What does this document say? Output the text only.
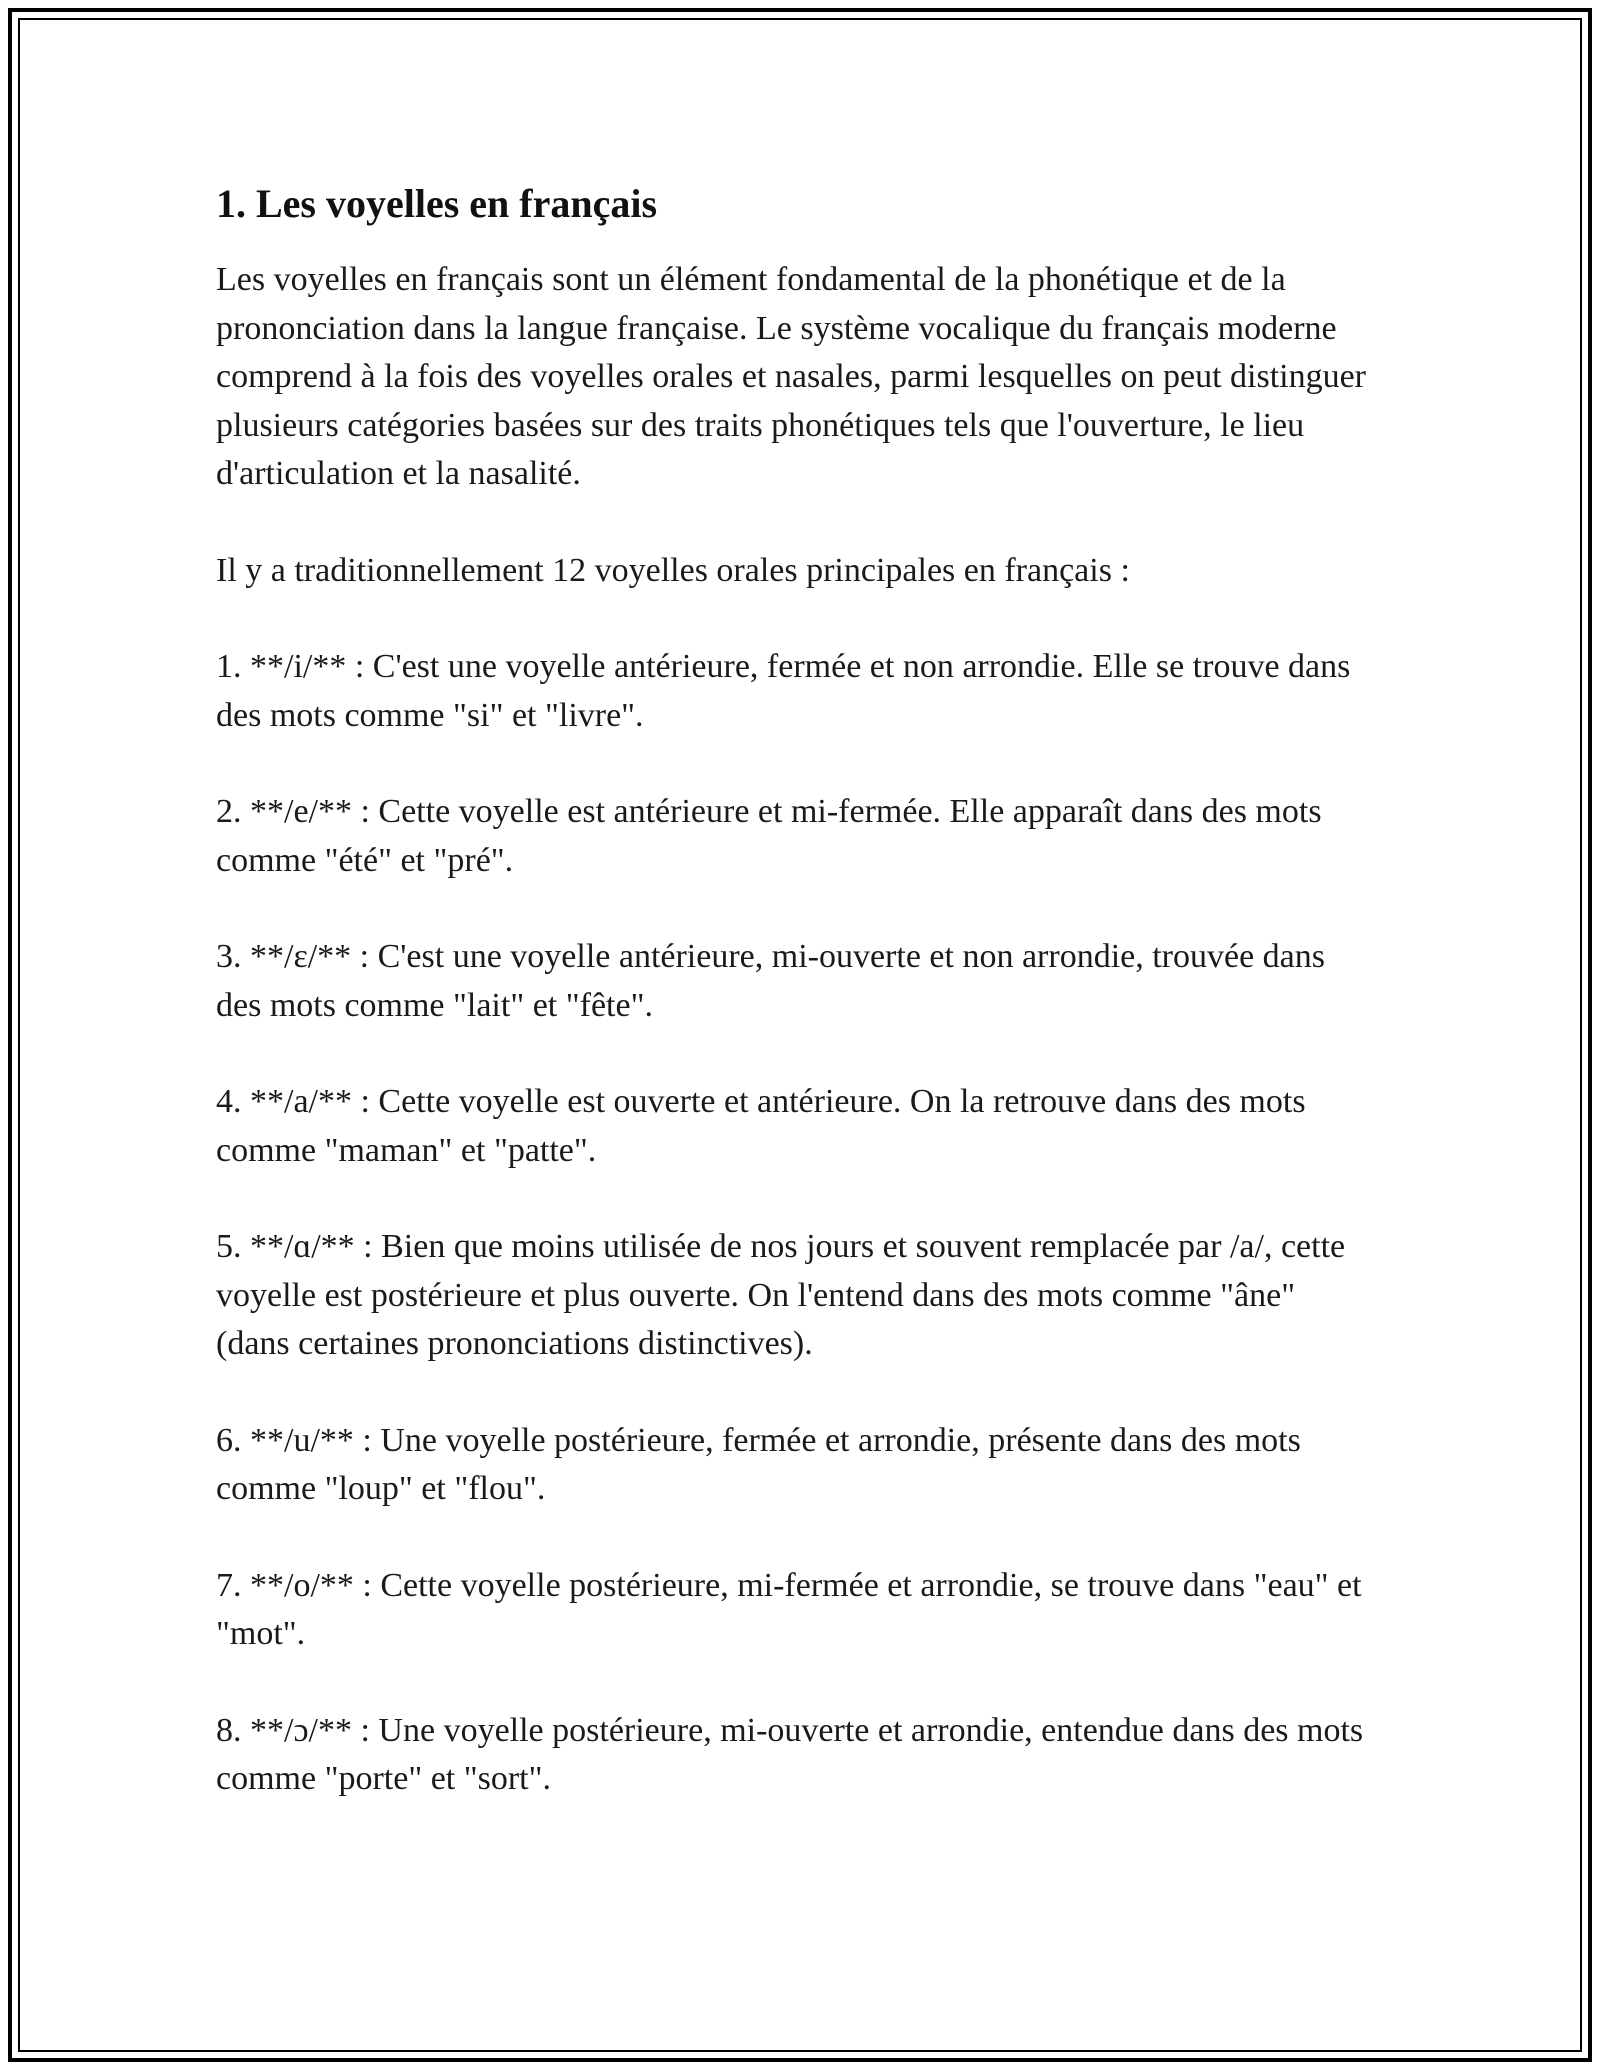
1. Les voyelles en français

Les voyelles en français sont un élément fondamental de la phonétique et de la prononciation dans la langue française. Le système vocalique du français moderne comprend à la fois des voyelles orales et nasales, parmi lesquelles on peut distinguer plusieurs catégories basées sur des traits phonétiques tels que l'ouverture, le lieu d'articulation et la nasalité.

Il y a traditionnellement 12 voyelles orales principales en français :

1. **/i/** : C'est une voyelle antérieure, fermée et non arrondie. Elle se trouve dans des mots comme "si" et "livre".

2. **/e/** : Cette voyelle est antérieure et mi-fermée. Elle apparaît dans des mots comme "été" et "pré".

3. **/ɛ/** : C'est une voyelle antérieure, mi-ouverte et non arrondie, trouvée dans des mots comme "lait" et "fête".

4. **/a/** : Cette voyelle est ouverte et antérieure. On la retrouve dans des mots comme "maman" et "patte".

5. **/ɑ/** : Bien que moins utilisée de nos jours et souvent remplacée par /a/, cette voyelle est postérieure et plus ouverte. On l'entend dans des mots comme "âne" (dans certaines prononciations distinctives).

6. **/u/** : Une voyelle postérieure, fermée et arrondie, présente dans des mots comme "loup" et "flou".

7. **/o/** : Cette voyelle postérieure, mi-fermée et arrondie, se trouve dans "eau" et "mot".

8. **/ɔ/** : Une voyelle postérieure, mi-ouverte et arrondie, entendue dans des mots comme "porte" et "sort".
